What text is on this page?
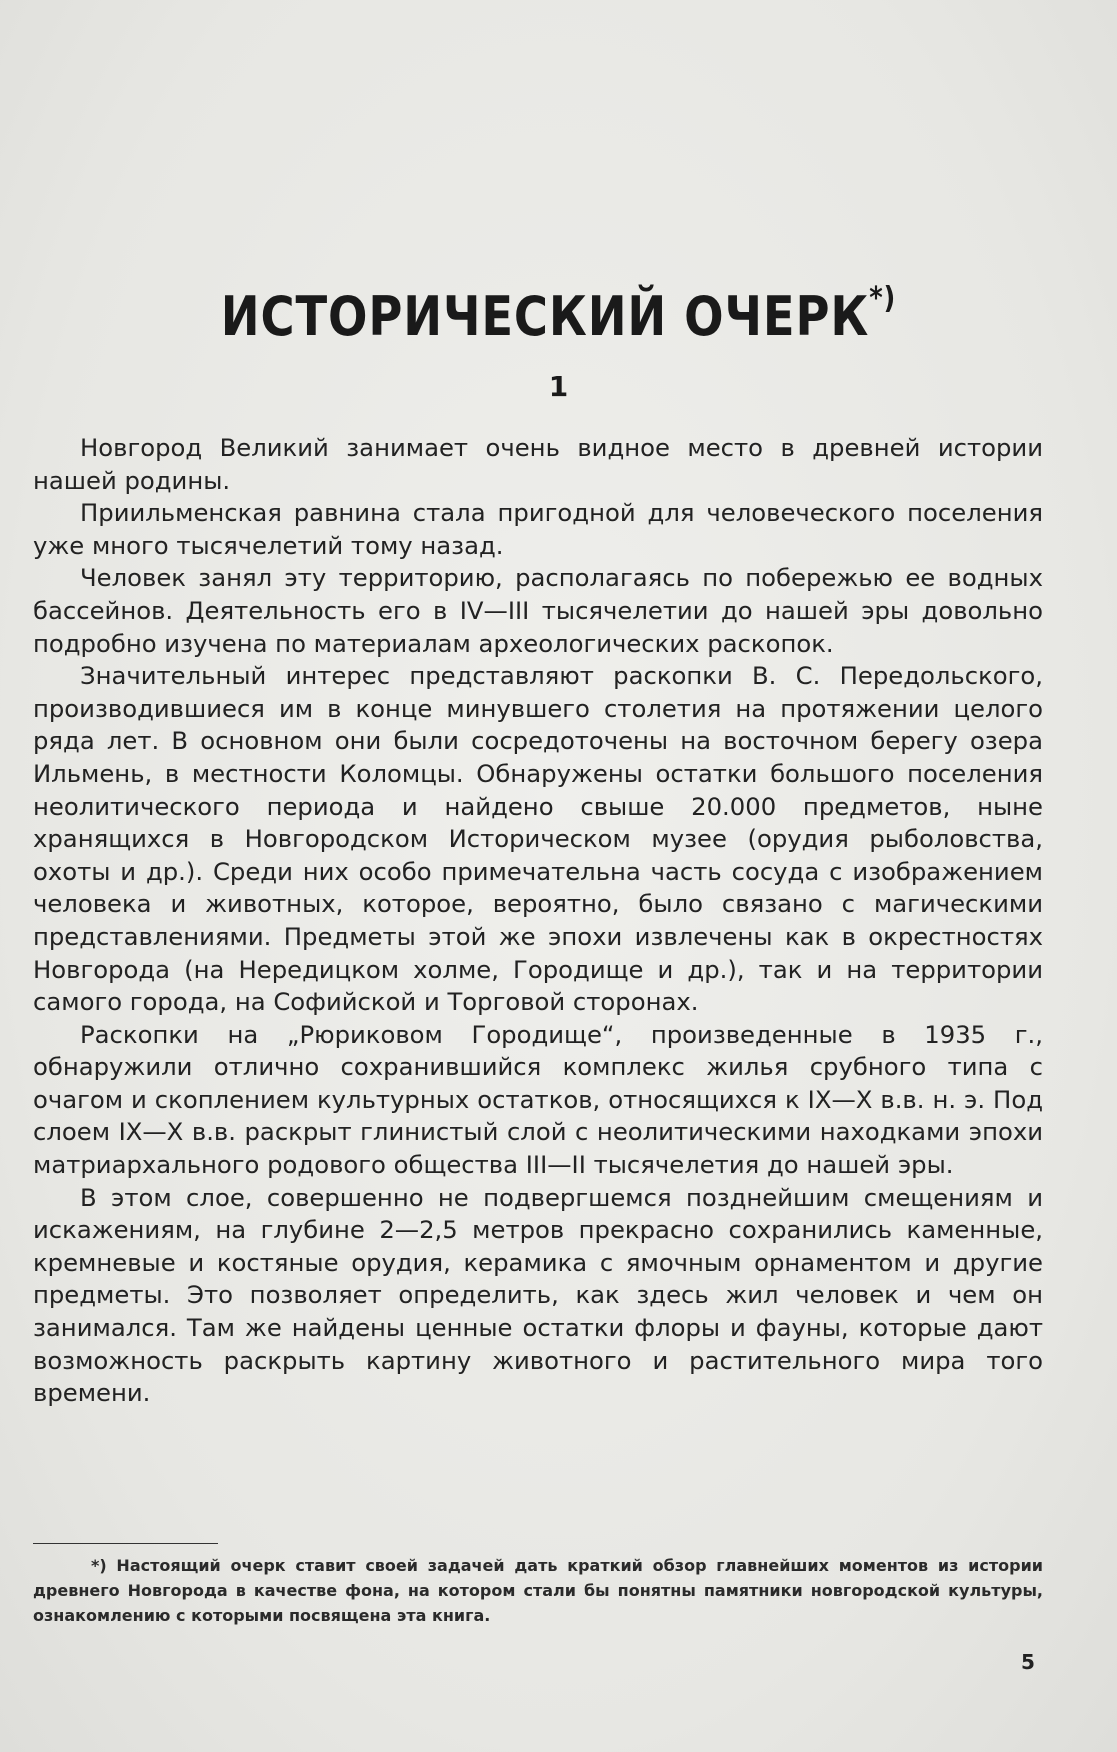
ИСТОРИЧЕСКИЙ ОЧЕРК*)
1

Новгород Великий занимает очень видное место в древней истории нашей родины.

Приильменская равнина стала пригодной для человеческого поселения уже много тысячелетий тому назад.

Человек занял эту территорию, располагаясь по побережью ее водных бассейнов. Деятельность его в IV—III тысячелетии до нашей эры довольно подробно изучена по материалам археологических раскопок.

Значительный интерес представляют раскопки В. С. Передольского, производившиеся им в конце минувшего столетия на протяжении целого ряда лет. В основном они были сосредоточены на восточном берегу озера Ильмень, в местности Коломцы. Обнаружены остатки большого поселения неолитического периода и найдено свыше 20.000 предметов, ныне хранящихся в Новгородском Историческом музее (орудия рыболовства, охоты и др.). Среди них особо примечательна часть сосуда с изображением человека и животных, которое, вероятно, было связано с магическими представлениями. Предметы этой же эпохи извлечены как в окрестностях Новгорода (на Нередицком холме, Городище и др.), так и на территории самого города, на Софийской и Торговой сторонах.

Раскопки на „Рюриковом Городище“, произведенные в 1935 г., обнаружили отлично сохранившийся комплекс жилья срубного типа с очагом и скоплением культурных остатков, относящихся к IX—X в.в. н. э. Под слоем IX—X в.в. раскрыт глинистый слой с неолитическими находками эпохи матриархального родового общества III—II тысячелетия до нашей эры.

В этом слое, совершенно не подвергшемся позднейшим смещениям и искажениям, на глубине 2—2,5 метров прекрасно сохранились каменные, кремневые и костяные орудия, керамика с ямочным орнаментом и другие предметы. Это позволяет определить, как здесь жил человек и чем он занимался. Там же найдены ценные остатки флоры и фауны, которые дают возможность раскрыть картину животного и растительного мира того времени.

*) Настоящий очерк ставит своей задачей дать краткий обзор главнейших моментов из истории древнего Новгорода в качестве фона, на котором стали бы понятны памятники новгородской культуры, ознакомлению с которыми посвящена эта книга.

5
